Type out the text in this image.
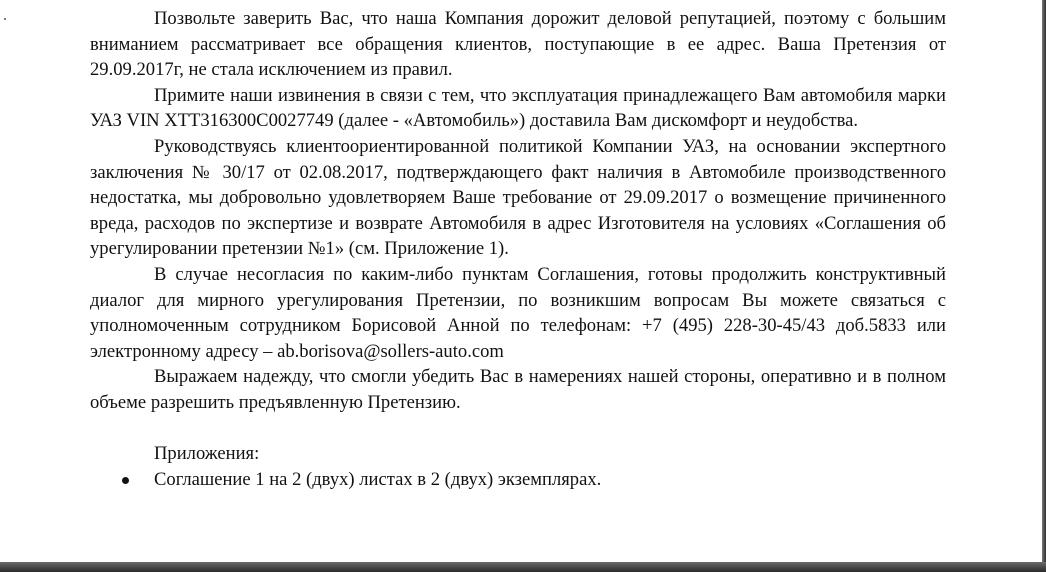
Позвольте заверить Вас, что наша Компания дорожит деловой репутацией, поэтому с большим вниманием рассматривает все обращения клиентов, поступающие в ее адрес. Ваша Претензия от 29.09.2017г, не стала исключением из правил.

Примите наши извинения в связи с тем, что эксплуатация принадлежащего Вам автомобиля марки УАЗ VIN XTT316300C0027749 (далее - «Автомобиль») доставила Вам дискомфорт и неудобства.

Руководствуясь клиентоориентированной политикой Компании УАЗ, на основании экспертного заключения № 30/17 от 02.08.2017, подтверждающего факт наличия в Автомобиле производственного недостатка, мы добровольно удовлетворяем Ваше требование от 29.09.2017 о возмещение причиненного вреда, расходов по экспертизе и возврате Автомобиля в адрес Изготовителя на условиях «Соглашения об урегулировании претензии №1» (см. Приложение 1).

В случае несогласия по каким-либо пунктам Соглашения, готовы продолжить конструктивный диалог для мирного урегулирования Претензии, по возникшим вопросам Вы можете связаться с уполномоченным сотрудником Борисовой Анной по телефонам: +7 (495) 228-30-45/43 доб.5833 или электронному адресу – ab.borisova@sollers-auto.com

Выражаем надежду, что смогли убедить Вас в намерениях нашей стороны, оперативно и в полном объеме разрешить предъявленную Претензию.

Приложения:

Соглашение 1 на 2 (двух) листах в 2 (двух) экземплярах.
